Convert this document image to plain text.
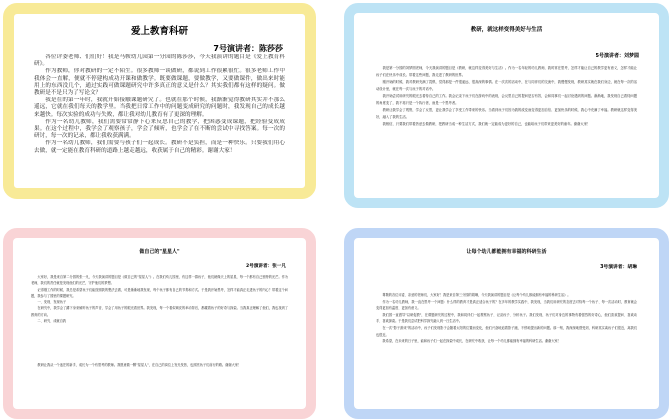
爱上教育科研
7号演讲者：陈莎莎

各位评委老师、们们好！我是马鞍幼儿园第一分园的陈莎莎，今天我演讲的题目是《爱上教育科研》。

作为教师，你对教研的一定不陌生。很多教师一谈做研，都说到工作很累很忙。很多老师工作中我体会一直解，便就不停建构成功开课和做教学。既要做课题，要做教学，又要做课件，做出来时能用上的东西没几个，通过实践可做课题研究中许多真正的意义是什么？其实我们都有这样的疑问。做教研是不是只为了写论文？

我是在的第一年时，我就开始接触课题研究了。也就在那个时候，我渐渐觉得教研其实并不那么遥远，它就在我们每天的教学里。当我把日常工作中的问题变成研究的问题时，我发现自己的成长越来越快。每次实验的成功与失败，都让我对幼儿教育有了更深的理解。

作为一名幼儿教师，我们需要常常静下心来反思自己的教学，把困惑变成课题，把经验变成成果。在这个过程中，我学会了观察孩子，学会了倾听，也学会了在不断的尝试中寻找答案。每一次的研讨，每一次的记录，都让我收获满满。

作为一名幼儿教师，我们需要与孩子们一起成长。教研不是负担，而是一种快乐。只要我们用心去做，就一定能在教育科研的道路上越走越远，收获属于自己的精彩。谢谢大家！

教研，就这样变得美好与生活
5号演讲者：刘梦圆

我是第一分园的刘梦圆老师，今天我演讲的题目是《教研，就这样变得美好与生活》。作为一名年轻的幼儿教师，我时常在思考，怎样才能让自己的教学更有意义，怎样才能让孩子们在快乐中成长。带着这些问题，我走进了教研的世界。

刚开始的时候，我对教研充满了畏惧，觉得那是一件很遥远、很高深的事情。在一次次的活动中，在与同伴们的交流中，我慢慢发现，教研其实就在我们身边，就在每一次的活动设计里，就在每一次与孩子的对话中。

我开始尝试用研究的眼光去看待自己的工作。我会记录下孩子们在游戏中的表现，会反思自己的提问是否有效，会和同事们一起讨论遇到的问题。渐渐地，我发现自己看待问题的角度变了，我不再只是一个执行者，而是一个思考者。

教研让我学会了观察，学会了反思，更让我学会了享受工作带来的快乐。当看到孩子们因为我的改变而变得更加自信、更加快乐的时候，我心中充满了幸福。教研就这样变得美好，融入了我的生活。

我相信，只要我们带着热爱去做教研，把教研当成一种生活方式，我们就一定能成为更好的自己，也能给孩子们带来更美好的童年。谢谢大家！

做自己的"星星人"
2号演讲者：张一凡

大家好，我是来自第二分园的张一凡，今天我演讲的题目是《做自己的"星星人"》。在我们幼儿园里，有这样一群孩子，他们就像天上的星星，每一个都有自己独特的光芒。作为老师，我们的责任就是发现他们的光芒，守护他们的梦想。

记得刚工作的时候，我总是希望孩子们能按照我的想法去做，可是渐渐地我发现，每个孩子都有自己的节奏和方式。于是我开始思考，怎样才能真正走进孩子的内心？带着这个问题，我参与了园里的课题研究。

一、发现、发现孩子

在研究中，我学会了蹲下身来倾听孩子的声音，学会了用孩子的眼光看世界。我发现，每一个看似调皮的举动背后，都藏着孩子的好奇与探索。当我真正理解了他们，我也找到了教育的方向。

二、研究、成就自我

教研让我从一个迷茫的新手，成长为一个有思考的教师。我愿意做一颗"星星人"，在自己的岗位上发光发热，也照亮孩子们前行的路。谢谢大家！

让每个幼儿都能拥有幸福的科研生活
3号演讲者：胡琳

尊敬的各位评委、亲爱的老师们，大家好！我是来自第三分园的胡琳，今天我演讲的题目是《让每个幼儿都能拥有幸福的科研生活》。

作为一名幼儿教师，我一直在思考一个问题：什么样的教育才是真正适合孩子的？在多年的教学实践中，我发现，当我们用研究的态度去对待每一个孩子、每一次活动时，教育就会变得更加有温度、更加有意义。

我们园一直倡导"以研促教"，在课题研究的过程中，我和同伴们一起观察孩子、记录孩子、分析孩子。我们发现，孩子们对身边的事物有着强烈的好奇心，他们喜欢提问、喜欢动手、喜欢探索。于是我们尝试把科学探究融入到一日生活中。

在一次"影子游戏"的活动中，孩子们发现影子会随着太阳的位置而变化，他们兴奋地追着影子跑，不停地提出新的问题。那一刻，我深深地感受到，科研其实离孩子们很近，离我们也很近。

我希望，在未来的日子里，能和孩子们一起在探索中成长，在研究中收获，让每一个幼儿都能拥有幸福的科研生活。谢谢大家！
